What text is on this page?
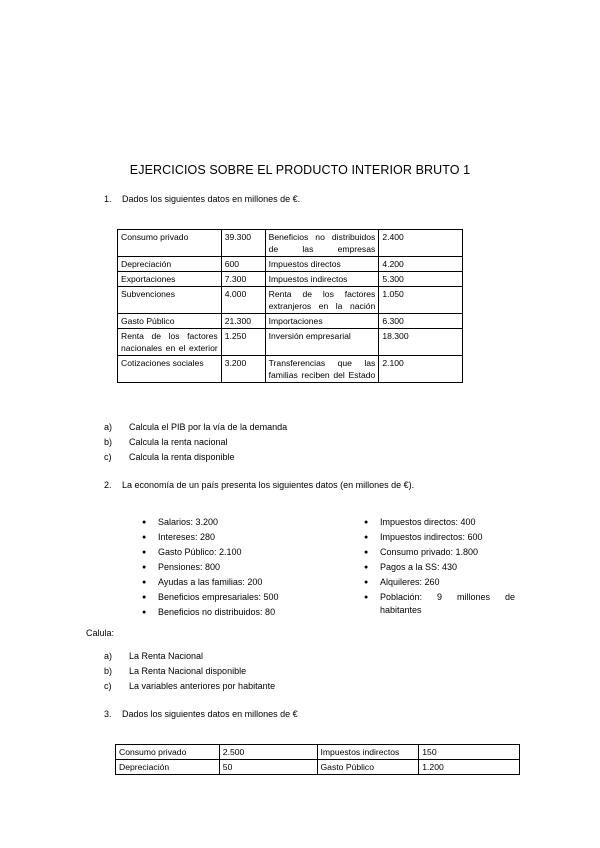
EJERCICIOS SOBRE EL PRODUCTO INTERIOR BRUTO 1
1. Dados los siguientes datos en millones de €.
Consumo privado	39.300	Beneficios no distribuidos de las empresas	2.400
Depreciación	600	Impuestos directos	4.200
Exportaciones	7.300	Impuestos indirectos	5.300
Subvenciones	4.000	Renta de los factores extranjeros en la nación	1.050
Gasto Público	21.300	Importaciones	6.300
Renta de los factores nacionales en el exterior	1.250	Inversión empresarial	18.300
Cotizaciones sociales	3.200	Transferencias que las familias reciben del Estado	2.100
a) Calcula el PIB por la vía de la demanda
b) Calcula la renta nacional
c) Calcula la renta disponible
2. La economía de un país presenta los siguientes datos (en millones de €).
● Salarios: 3.200
● Intereses: 280
● Gasto Público: 2.100
● Pensiones: 800
● Ayudas a las familias: 200
● Beneficios empresariales: 500
● Beneficios no distribuidos: 80
● Impuestos directos: 400
● Impuestos indirectos: 600
● Consumo privado: 1.800
● Pagos a la SS: 430
● Alquileres: 260
● Población: 9 millones de habitantes
Calula:
a) La Renta Nacional
b) La Renta Nacional disponible
c) La variables anteriores por habitante
3. Dados los siguientes datos en millones de €
Consumo privado	2.500	Impuestos indirectos	150
Depreciación	50	Gasto Público	1.200
